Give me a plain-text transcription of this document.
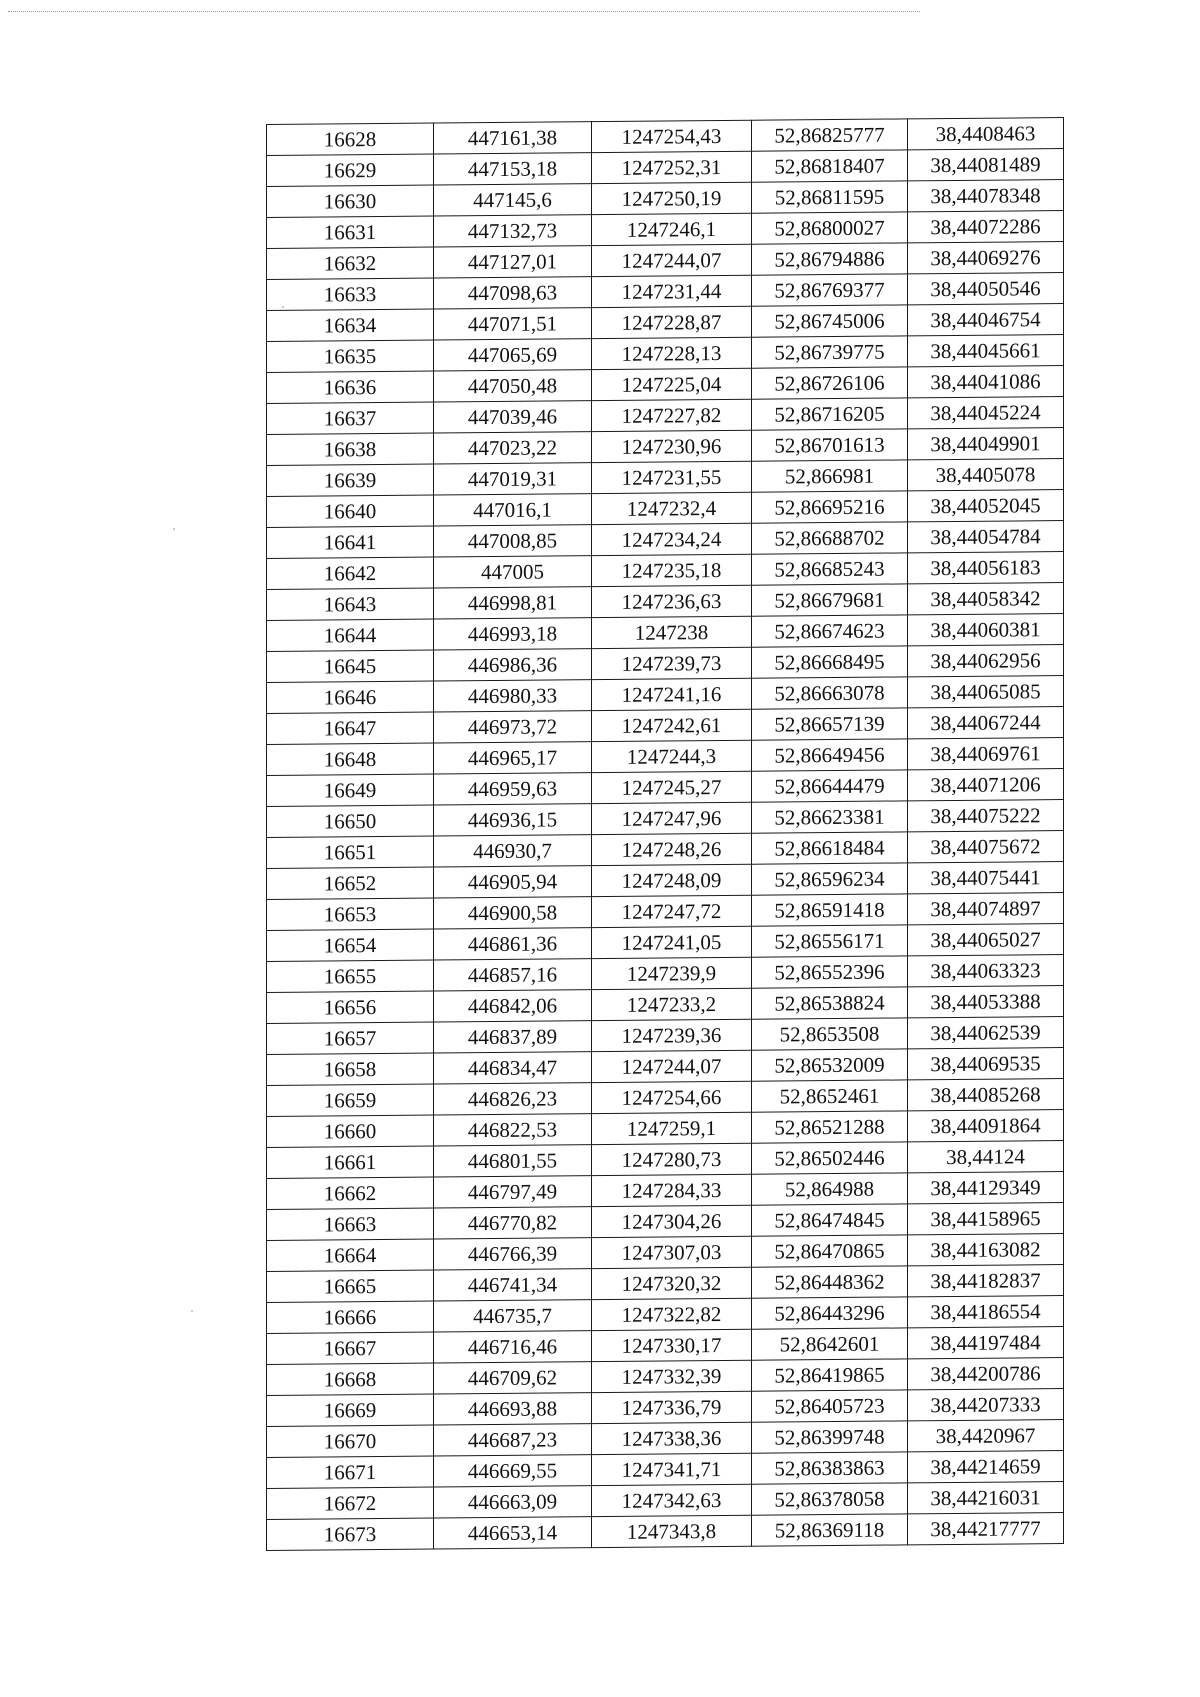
16628	447161,38	1247254,43	52,86825777	38,4408463
16629	447153,18	1247252,31	52,86818407	38,44081489
16630	447145,6	1247250,19	52,86811595	38,44078348
16631	447132,73	1247246,1	52,86800027	38,44072286
16632	447127,01	1247244,07	52,86794886	38,44069276
16633	447098,63	1247231,44	52,86769377	38,44050546
16634	447071,51	1247228,87	52,86745006	38,44046754
16635	447065,69	1247228,13	52,86739775	38,44045661
16636	447050,48	1247225,04	52,86726106	38,44041086
16637	447039,46	1247227,82	52,86716205	38,44045224
16638	447023,22	1247230,96	52,86701613	38,44049901
16639	447019,31	1247231,55	52,866981	38,4405078
16640	447016,1	1247232,4	52,86695216	38,44052045
16641	447008,85	1247234,24	52,86688702	38,44054784
16642	447005	1247235,18	52,86685243	38,44056183
16643	446998,81	1247236,63	52,86679681	38,44058342
16644	446993,18	1247238	52,86674623	38,44060381
16645	446986,36	1247239,73	52,86668495	38,44062956
16646	446980,33	1247241,16	52,86663078	38,44065085
16647	446973,72	1247242,61	52,86657139	38,44067244
16648	446965,17	1247244,3	52,86649456	38,44069761
16649	446959,63	1247245,27	52,86644479	38,44071206
16650	446936,15	1247247,96	52,86623381	38,44075222
16651	446930,7	1247248,26	52,86618484	38,44075672
16652	446905,94	1247248,09	52,86596234	38,44075441
16653	446900,58	1247247,72	52,86591418	38,44074897
16654	446861,36	1247241,05	52,86556171	38,44065027
16655	446857,16	1247239,9	52,86552396	38,44063323
16656	446842,06	1247233,2	52,86538824	38,44053388
16657	446837,89	1247239,36	52,8653508	38,44062539
16658	446834,47	1247244,07	52,86532009	38,44069535
16659	446826,23	1247254,66	52,8652461	38,44085268
16660	446822,53	1247259,1	52,86521288	38,44091864
16661	446801,55	1247280,73	52,86502446	38,44124
16662	446797,49	1247284,33	52,864988	38,44129349
16663	446770,82	1247304,26	52,86474845	38,44158965
16664	446766,39	1247307,03	52,86470865	38,44163082
16665	446741,34	1247320,32	52,86448362	38,44182837
16666	446735,7	1247322,82	52,86443296	38,44186554
16667	446716,46	1247330,17	52,8642601	38,44197484
16668	446709,62	1247332,39	52,86419865	38,44200786
16669	446693,88	1247336,79	52,86405723	38,44207333
16670	446687,23	1247338,36	52,86399748	38,4420967
16671	446669,55	1247341,71	52,86383863	38,44214659
16672	446663,09	1247342,63	52,86378058	38,44216031
16673	446653,14	1247343,8	52,86369118	38,44217777
